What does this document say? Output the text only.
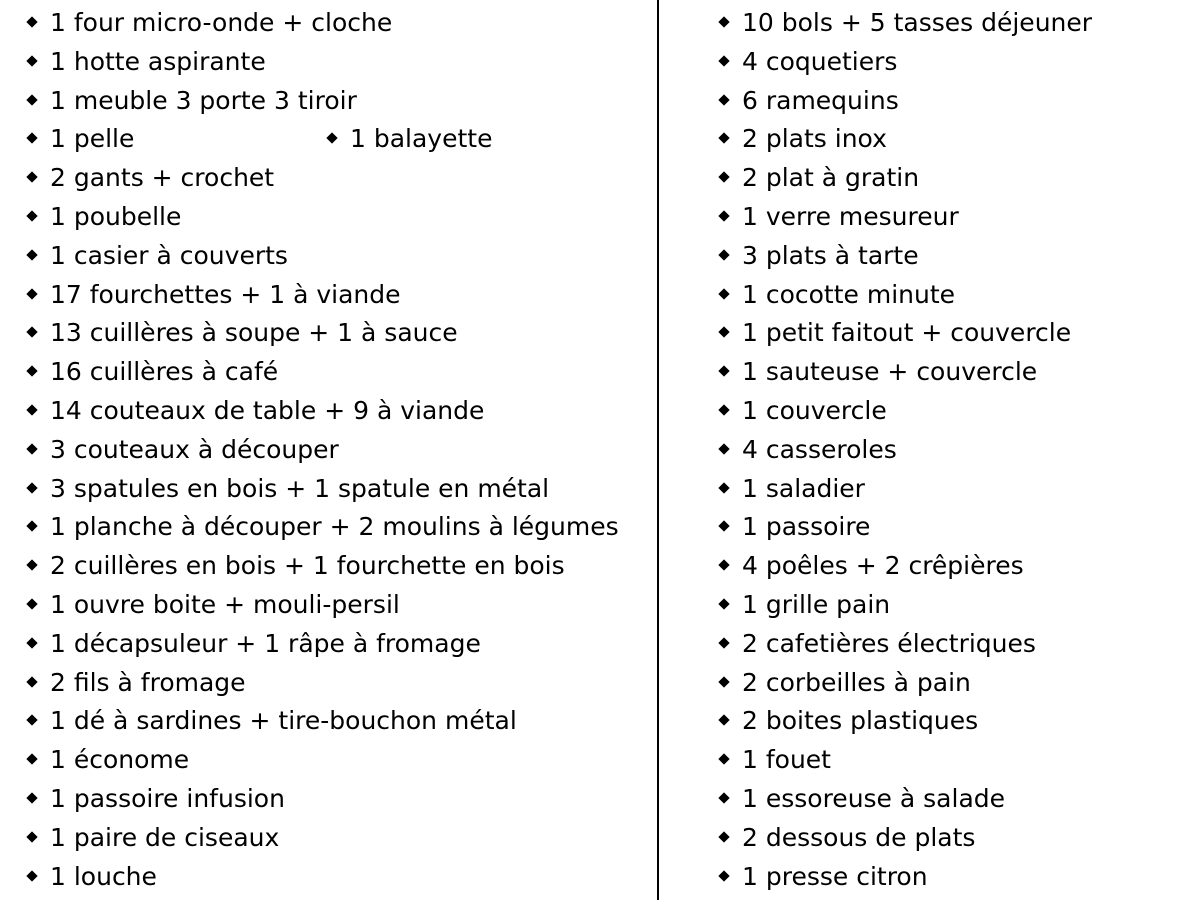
1 four micro-onde + cloche
1 hotte aspirante
1 meuble 3 porte 3 tiroir
1 pelle	1 balayette
2 gants + crochet
1 poubelle
1 casier à couverts
17 fourchettes + 1 à viande
13 cuillères à soupe + 1 à sauce
16 cuillères à café
14 couteaux de table + 9 à viande
3 couteaux à découper
3 spatules en bois + 1 spatule en métal
1 planche à découper + 2 moulins à légumes
2 cuillères en bois + 1 fourchette en bois
1 ouvre boite + mouli-persil
1 décapsuleur + 1 râpe à fromage
2 fils à fromage
1 dé à sardines + tire-bouchon métal
1 économe
1 passoire infusion
1 paire de ciseaux
1 louche
10 bols + 5 tasses déjeuner
4 coquetiers
6 ramequins
2 plats inox
2 plat à gratin
1 verre mesureur
3 plats à tarte
1 cocotte minute
1 petit faitout + couvercle
1 sauteuse + couvercle
1 couvercle
4 casseroles
1 saladier
1 passoire
4 poêles + 2 crêpières
1 grille pain
2 cafetières électriques
2 corbeilles à pain
2 boites plastiques
1 fouet
1 essoreuse à salade
2 dessous de plats
1 presse citron
